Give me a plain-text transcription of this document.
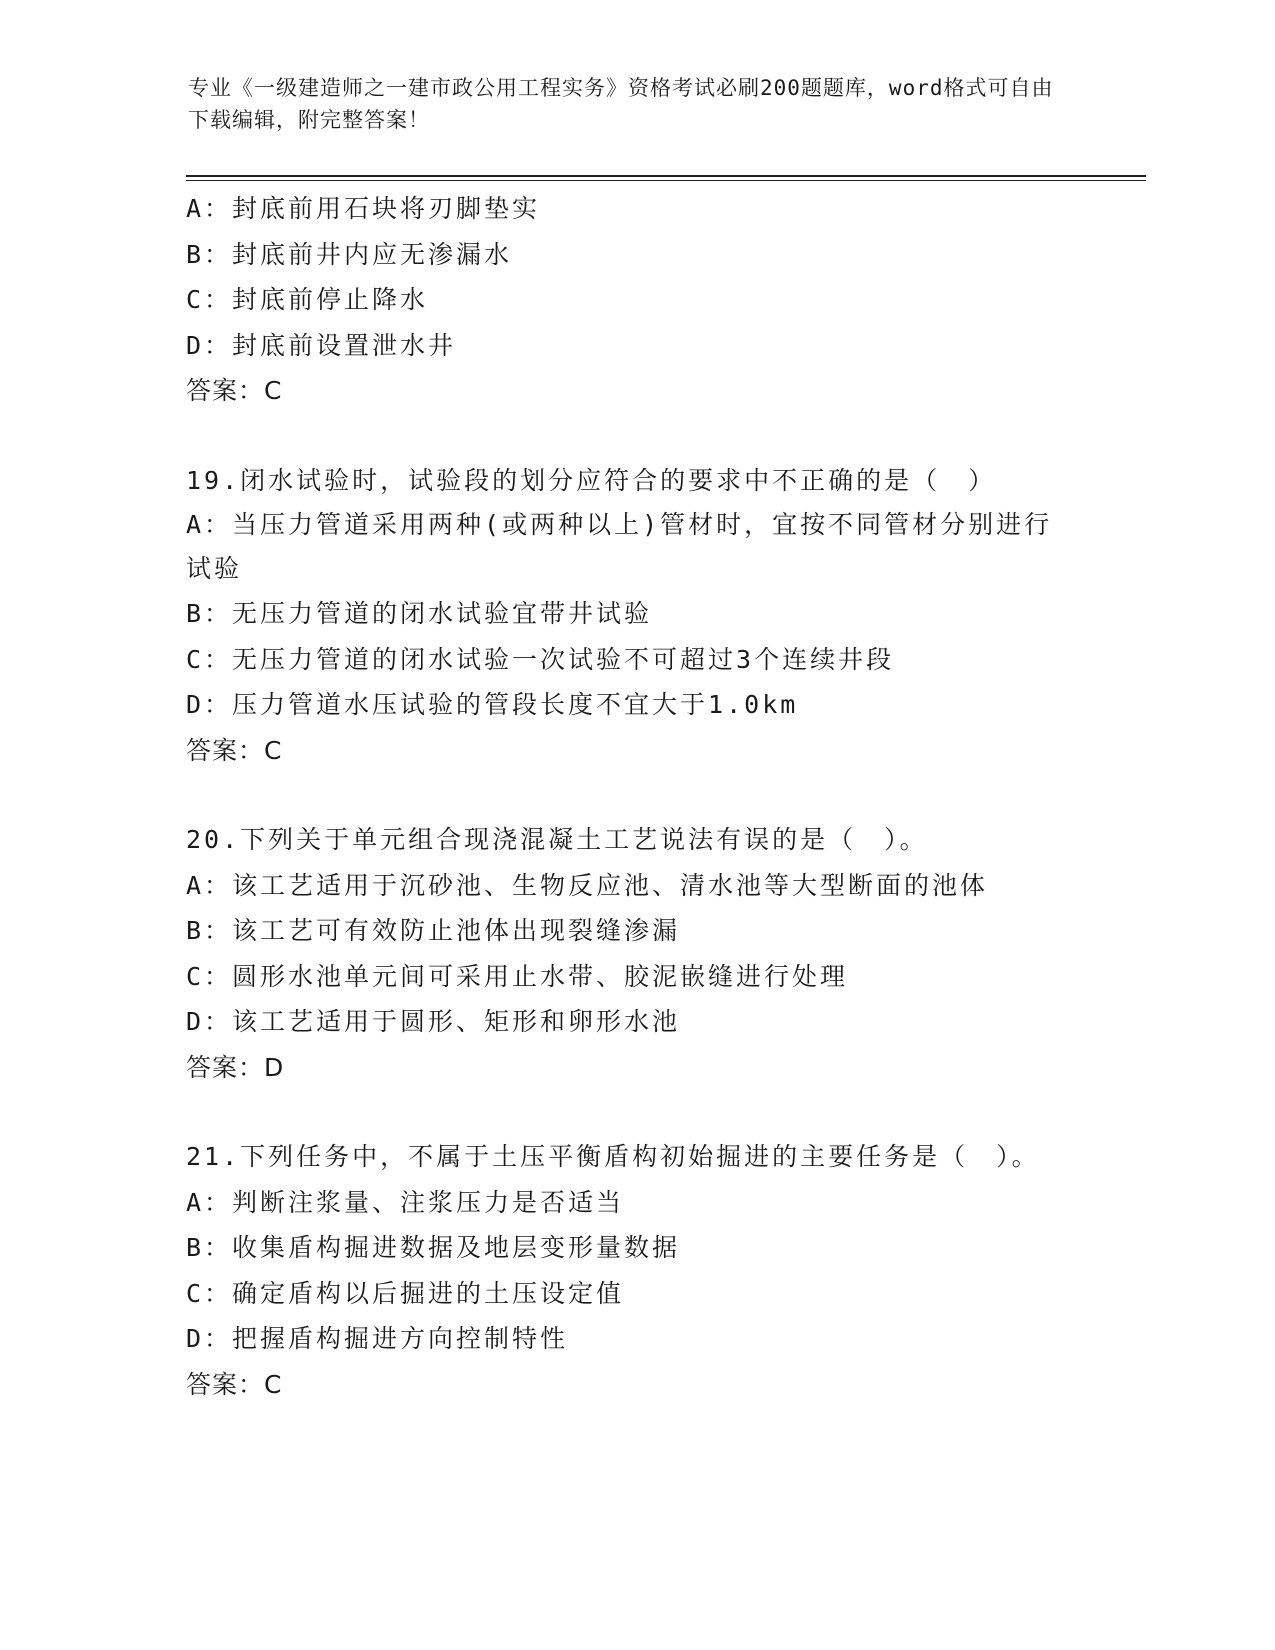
专业《一级建造师之一建市政公用工程实务》资格考试必刷200题题库，word格式可自由下载编辑，附完整答案！
A：封底前用石块将刃脚垫实
B：封底前井内应无渗漏水
C：封底前停止降水
D：封底前设置泄水井
答案：C
19.闭水试验时，试验段的划分应符合的要求中不正确的是（　）
A：当压力管道采用两种(或两种以上)管材时，宜按不同管材分别进行试验
B：无压力管道的闭水试验宜带井试验
C：无压力管道的闭水试验一次试验不可超过3个连续井段
D：压力管道水压试验的管段长度不宜大于1.0km
答案：C
20.下列关于单元组合现浇混凝土工艺说法有误的是（　）。
A：该工艺适用于沉砂池、生物反应池、清水池等大型断面的池体
B：该工艺可有效防止池体出现裂缝渗漏
C：圆形水池单元间可采用止水带、胶泥嵌缝进行处理
D：该工艺适用于圆形、矩形和卵形水池
答案：D
21.下列任务中，不属于土压平衡盾构初始掘进的主要任务是（　）。
A：判断注浆量、注浆压力是否适当
B：收集盾构掘进数据及地层变形量数据
C：确定盾构以后掘进的土压设定值
D：把握盾构掘进方向控制特性
答案：C
